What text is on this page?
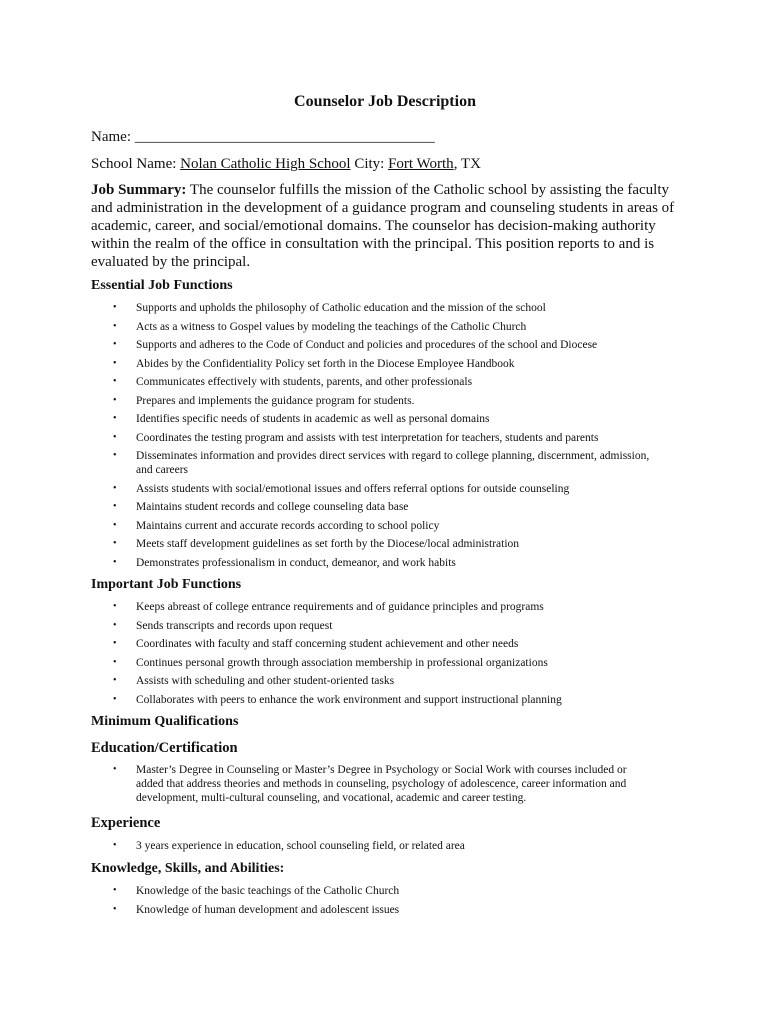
Counselor Job Description

Name: ________________________________________

School Name: Nolan Catholic High School City: Fort Worth, TX

Job Summary: The counselor fulfills the mission of the Catholic school by assisting the faculty and administration in the development of a guidance program and counseling students in areas of academic, career, and social/emotional domains. The counselor has decision-making authority within the realm of the office in consultation with the principal. This position reports to and is evaluated by the principal.

Essential Job Functions
• Supports and upholds the philosophy of Catholic education and the mission of the school
• Acts as a witness to Gospel values by modeling the teachings of the Catholic Church
• Supports and adheres to the Code of Conduct and policies and procedures of the school and Diocese
• Abides by the Confidentiality Policy set forth in the Diocese Employee Handbook
• Communicates effectively with students, parents, and other professionals
• Prepares and implements the guidance program for students.
• Identifies specific needs of students in academic as well as personal domains
• Coordinates the testing program and assists with test interpretation for teachers, students and parents
• Disseminates information and provides direct services with regard to college planning, discernment, admission, and careers
• Assists students with social/emotional issues and offers referral options for outside counseling
• Maintains student records and college counseling data base
• Maintains current and accurate records according to school policy
• Meets staff development guidelines as set forth by the Diocese/local administration
• Demonstrates professionalism in conduct, demeanor, and work habits
Important Job Functions
• Keeps abreast of college entrance requirements and of guidance principles and programs
• Sends transcripts and records upon request
• Coordinates with faculty and staff concerning student achievement and other needs
• Continues personal growth through association membership in professional organizations
• Assists with scheduling and other student-oriented tasks
• Collaborates with peers to enhance the work environment and support instructional planning
Minimum Qualifications
Education/Certification
• Master’s Degree in Counseling or Master’s Degree in Psychology or Social Work with courses included or added that address theories and methods in counseling, psychology of adolescence, career information and development, multi-cultural counseling, and vocational, academic and career testing.
Experience
• 3 years experience in education, school counseling field, or related area
Knowledge, Skills, and Abilities:
• Knowledge of the basic teachings of the Catholic Church
• Knowledge of human development and adolescent issues
